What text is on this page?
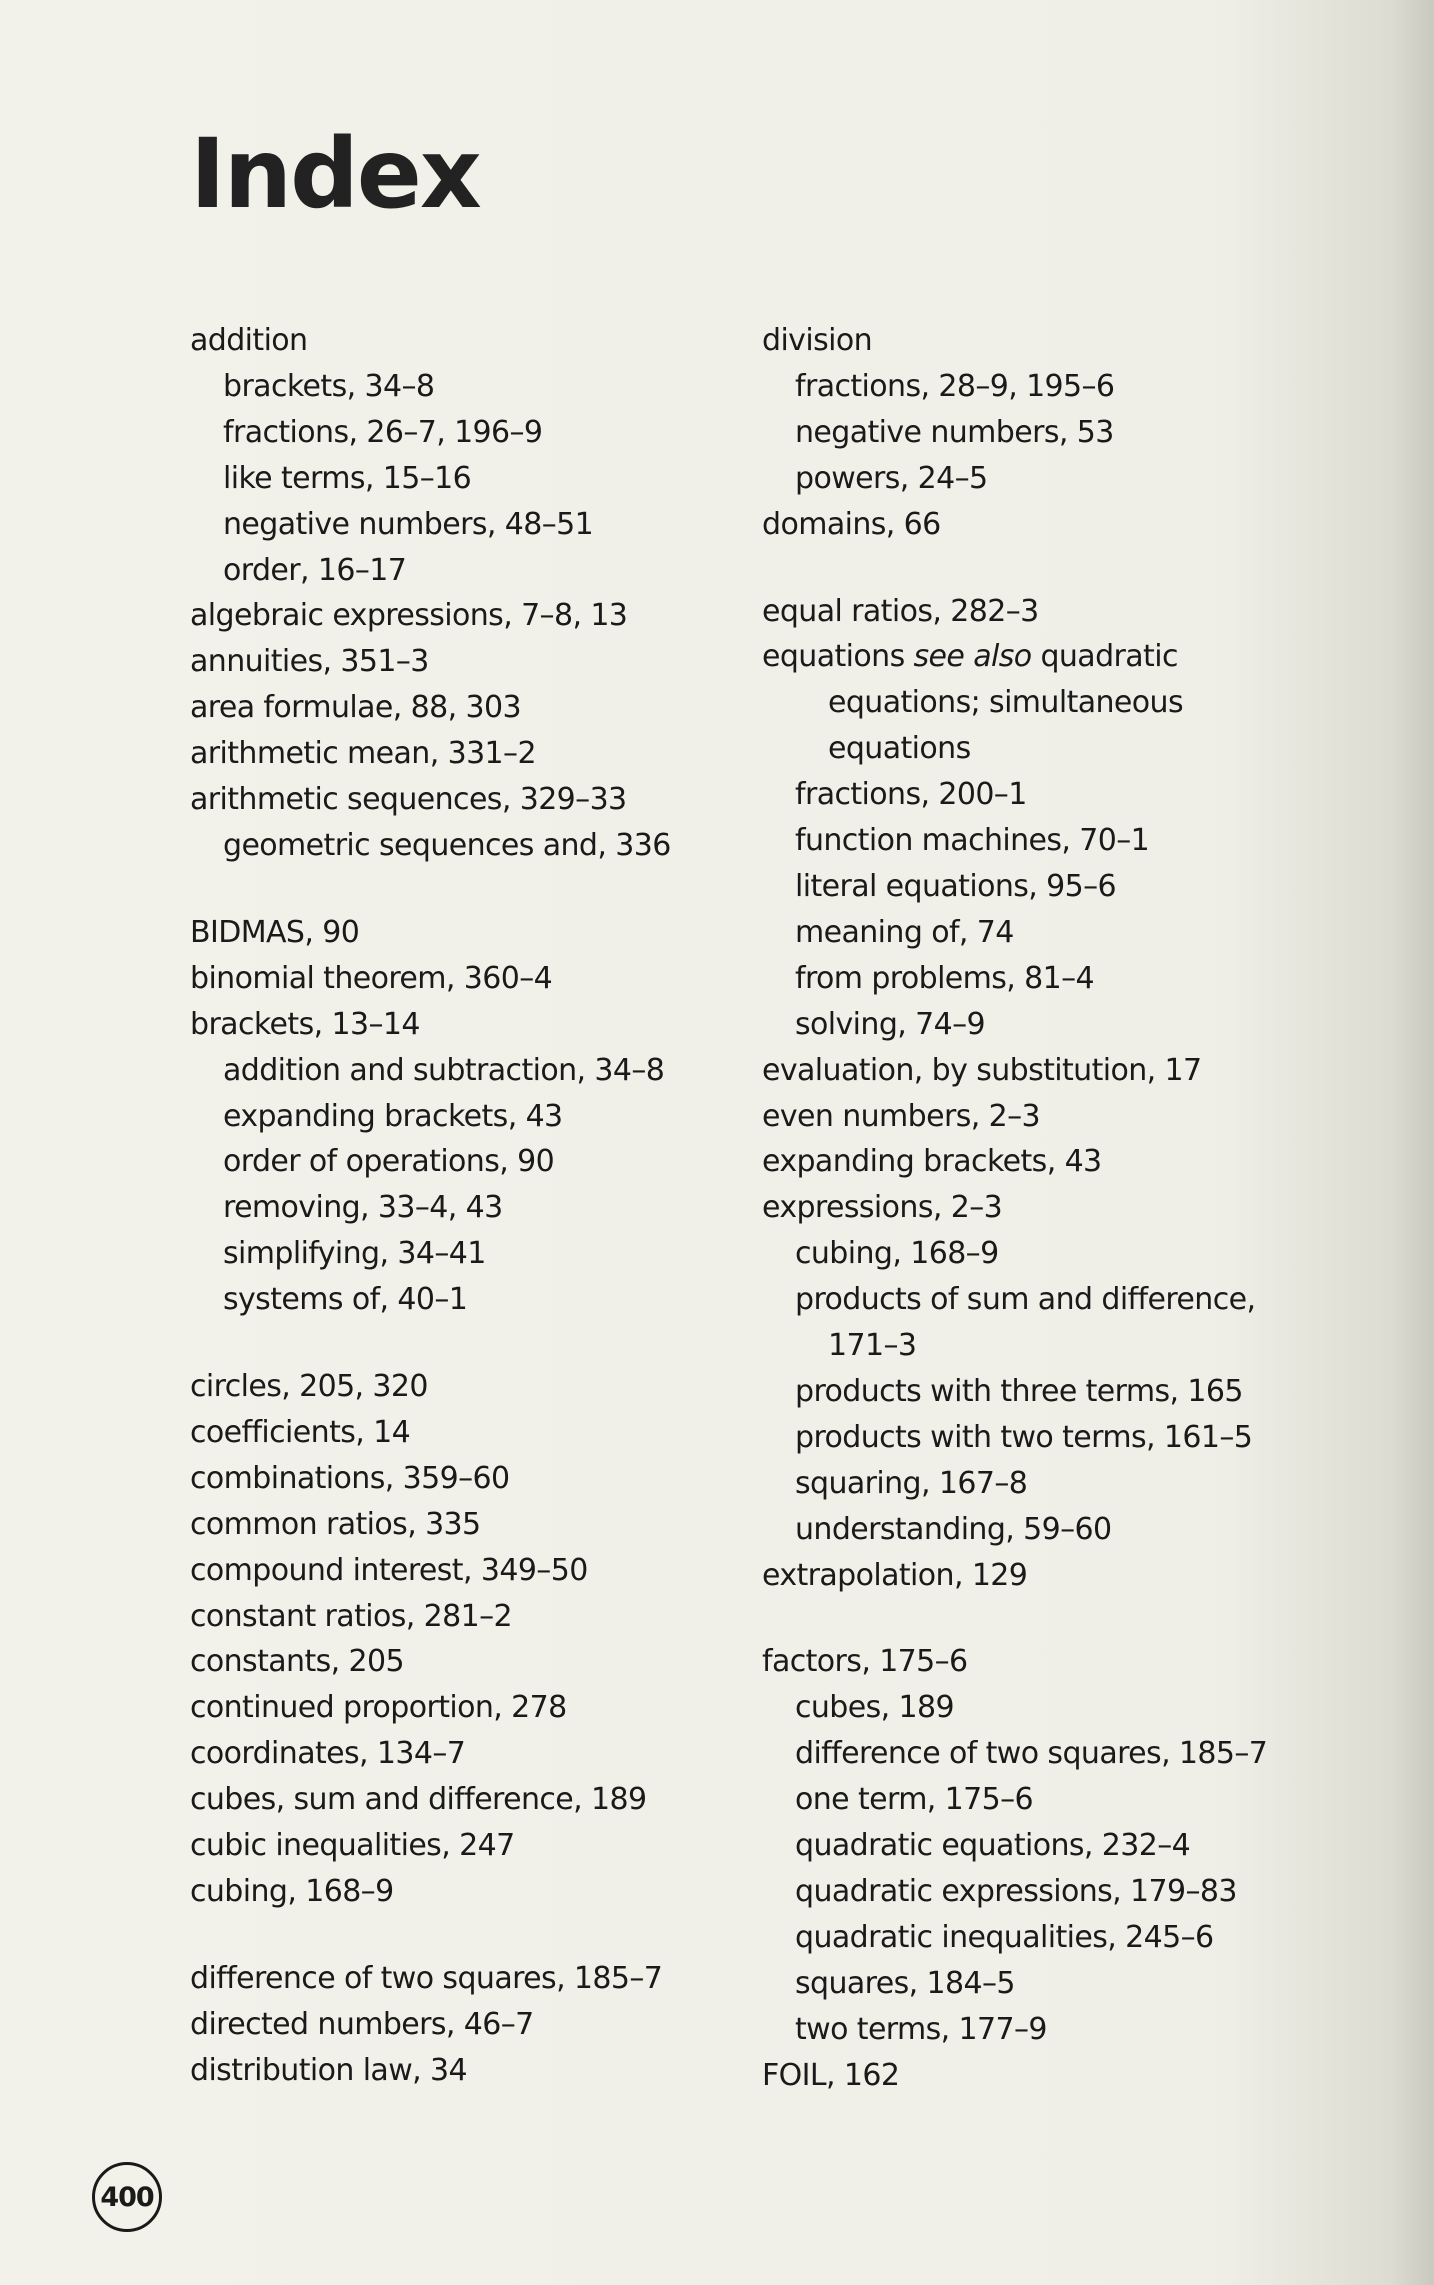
Index
addition
brackets, 34–8
fractions, 26–7, 196–9
like terms, 15–16
negative numbers, 48–51
order, 16–17
algebraic expressions, 7–8, 13
annuities, 351–3
area formulae, 88, 303
arithmetic mean, 331–2
arithmetic sequences, 329–33
geometric sequences and, 336
BIDMAS, 90
binomial theorem, 360–4
brackets, 13–14
addition and subtraction, 34–8
expanding brackets, 43
order of operations, 90
removing, 33–4, 43
simplifying, 34–41
systems of, 40–1
circles, 205, 320
coefficients, 14
combinations, 359–60
common ratios, 335
compound interest, 349–50
constant ratios, 281–2
constants, 205
continued proportion, 278
coordinates, 134–7
cubes, sum and difference, 189
cubic inequalities, 247
cubing, 168–9
difference of two squares, 185–7
directed numbers, 46–7
distribution law, 34
division
fractions, 28–9, 195–6
negative numbers, 53
powers, 24–5
domains, 66
equal ratios, 282–3
equations see also quadratic
equations; simultaneous
equations
fractions, 200–1
function machines, 70–1
literal equations, 95–6
meaning of, 74
from problems, 81–4
solving, 74–9
evaluation, by substitution, 17
even numbers, 2–3
expanding brackets, 43
expressions, 2–3
cubing, 168–9
products of sum and difference,
171–3
products with three terms, 165
products with two terms, 161–5
squaring, 167–8
understanding, 59–60
extrapolation, 129
factors, 175–6
cubes, 189
difference of two squares, 185–7
one term, 175–6
quadratic equations, 232–4
quadratic expressions, 179–83
quadratic inequalities, 245–6
squares, 184–5
two terms, 177–9
FOIL, 162
400
